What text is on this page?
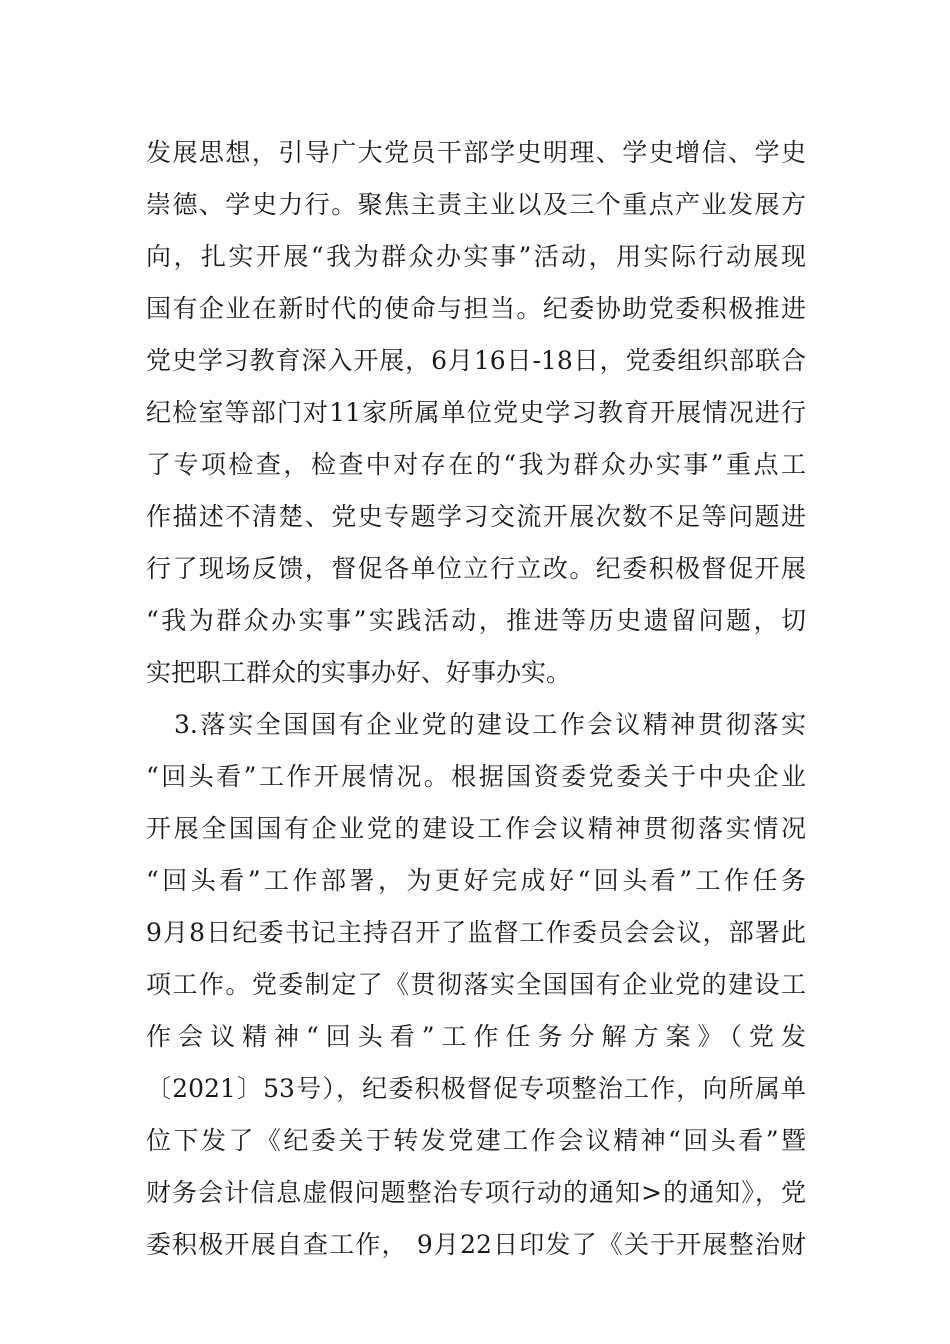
发展思想，引导广大党员干部学史明理、学史增信、学史
崇德、学史力行。聚焦主责主业以及三个重点产业发展方
向，扎实开展“我为群众办实事”活动，用实际行动展现
国有企业在新时代的使命与担当。纪委协助党委积极推进
党史学习教育深入开展，6月16日-18日，党委组织部联合
纪检室等部门对11家所属单位党史学习教育开展情况进行
了专项检查，检查中对存在的“我为群众办实事”重点工
作描述不清楚、党史专题学习交流开展次数不足等问题进
行了现场反馈，督促各单位立行立改。纪委积极督促开展
“我为群众办实事”实践活动，推进等历史遗留问题，切
实把职工群众的实事办好、好事办实。
3.落实全国国有企业党的建设工作会议精神贯彻落实
“回头看”工作开展情况。根据国资委党委关于中央企业
开展全国国有企业党的建设工作会议精神贯彻落实情况
“回头看”工作部署，为更好完成好“回头看”工作任务
9月8日纪委书记主持召开了监督工作委员会会议，部署此
项工作。党委制定了《贯彻落实全国国有企业党的建设工
作会议精神“回头看”工作任务分解方案》（党发
〔2021〕53号），纪委积极督促专项整治工作，向所属单
位下发了《纪委关于转发党建工作会议精神“回头看”暨
财务会计信息虚假问题整治专项行动的通知>的通知》，党
委积极开展自查工作， 9月22日印发了《关于开展整治财
